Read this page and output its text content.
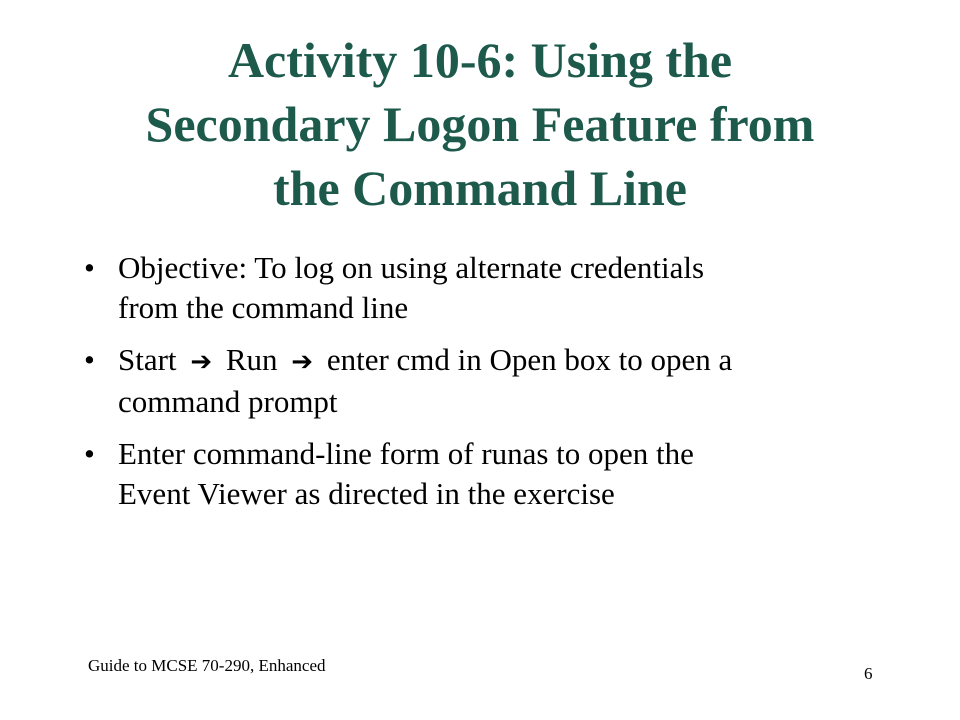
Activity 10-6: Using the
Secondary Logon Feature from
the Command Line
• Objective: To log on using alternate credentials
from the command line
• Start ➔ Run ➔ enter cmd in Open box to open a
command prompt
• Enter command-line form of runas to open the
Event Viewer as directed in the exercise
Guide to MCSE 70-290, Enhanced	6
